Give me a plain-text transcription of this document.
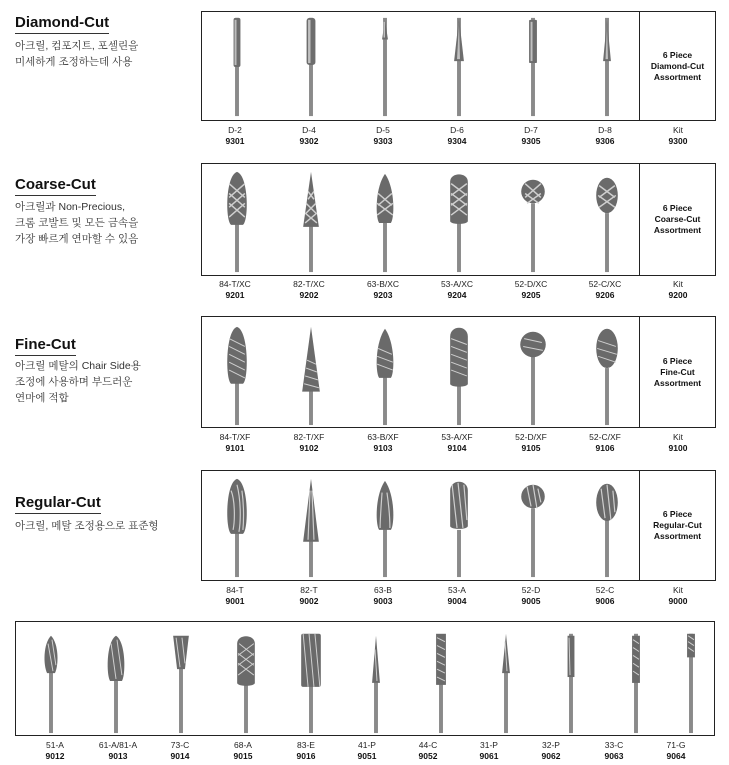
Diamond-Cut
아크릴, 컴포지트, 포셀린을
미세하게 조정하는데 사용
6 Piece
Diamond-Cut
Assortment
D-2
9301
D-4
9302
D-5
9303
D-6
9304
D-7
9305
D-8
9306
Kit
9300
Coarse-Cut
아크릴과 Non-Precious,
크롬 코발트 및 모든 금속을
가장 빠르게 연마할 수 있음
6 Piece
Coarse-Cut
Assortment
84-T/XC
9201
82-T/XC
9202
63-B/XC
9203
53-A/XC
9204
52-D/XC
9205
52-C/XC
9206
Kit
9200
Fine-Cut
아크릴 메탈의 Chair Side용
조정에 사용하며 부드러운
연마에 적합
6 Piece
Fine-Cut
Assortment
84-T/XF
9101
82-T/XF
9102
63-B/XF
9103
53-A/XF
9104
52-D/XF
9105
52-C/XF
9106
Kit
9100
Regular-Cut
아크릴, 메탈 조정용으로 표준형
6 Piece
Regular-Cut
Assortment
84-T
9001
82-T
9002
63-B
9003
53-A
9004
52-D
9005
52-C
9006
Kit
9000
51-A
9012
61-A/81-A
9013
73-C
9014
68-A
9015
83-E
9016
41-P
9051
44-C
9052
31-P
9061
32-P
9062
33-C
9063
71-G
9064
